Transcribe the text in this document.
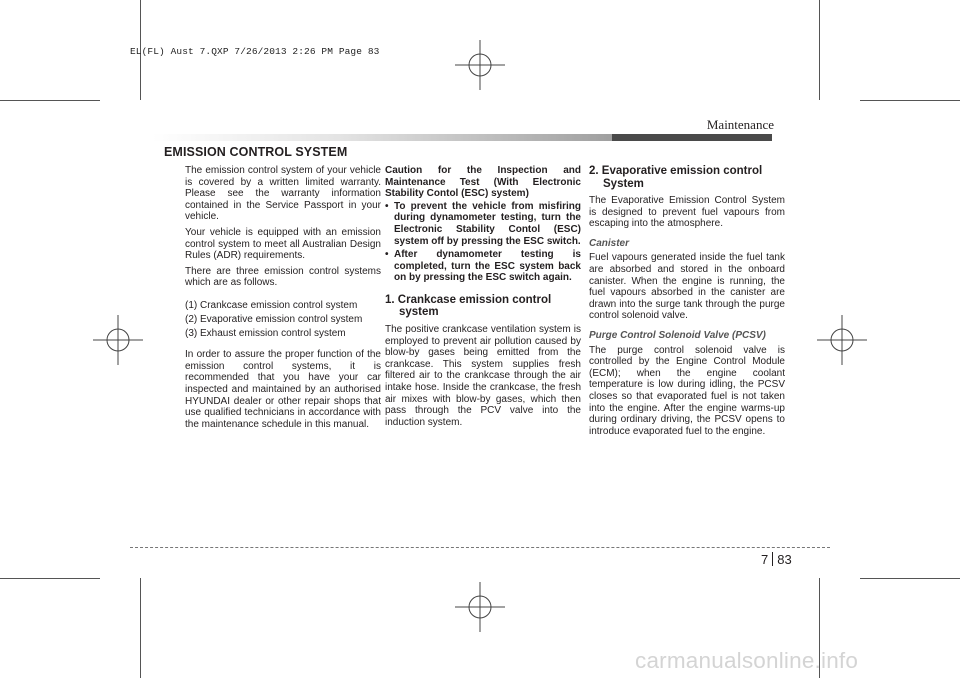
EL(FL) Aust 7.QXP 7/26/2013 2:26 PM Page 83
Maintenance
EMISSION CONTROL SYSTEM

The emission control system of your vehicle is covered by a written limited warranty. Please see the warranty information contained in the Service Passport in your vehicle.

Your vehicle is equipped with an emission control system to meet all Australian Design Rules (ADR) requirements.

There are three emission control systems which are as follows.

(1) Crankcase emission control system

(2) Evaporative emission control system

(3) Exhaust emission control system

In order to assure the proper function of the emission control systems, it is recommended that you have your car inspected and maintained by an authorised HYUNDAI dealer or other repair shops that use qualified technicians in accordance with the maintenance schedule in this manual.

Caution for the Inspection and Maintenance Test (With Electronic Stability Contol (ESC) system)

• To prevent the vehicle from misfiring during dynamometer testing, turn the Electronic Stability Contol (ESC) system off by pressing the ESC switch.
• After dynamometer testing is completed, turn the ESC system back on by pressing the ESC switch again.
1. Crankcase emission control
system

The positive crankcase ventilation system is employed to prevent air pollution caused by blow-by gases being emitted from the crankcase. This system supplies fresh filtered air to the crankcase through the air intake hose. Inside the crankcase, the fresh air mixes with blow-by gases, which then pass through the PCV valve into the induction system.

2. Evaporative emission control
System

The Evaporative Emission Control System is designed to prevent fuel vapours from escaping into the atmosphere.

Canister

Fuel vapours generated inside the fuel tank are absorbed and stored in the onboard canister. When the engine is running, the fuel vapours absorbed in the canister are drawn into the surge tank through the purge control solenoid valve.

Purge Control Solenoid Valve (PCSV)

The purge control solenoid valve is controlled by the Engine Control Module (ECM); when the engine coolant temperature is low during idling, the PCSV closes so that evaporated fuel is not taken into the engine. After the engine warms-up during ordinary driving, the PCSV opens to introduce evaporated fuel to the engine.

7 83
carmanualsonline.info
